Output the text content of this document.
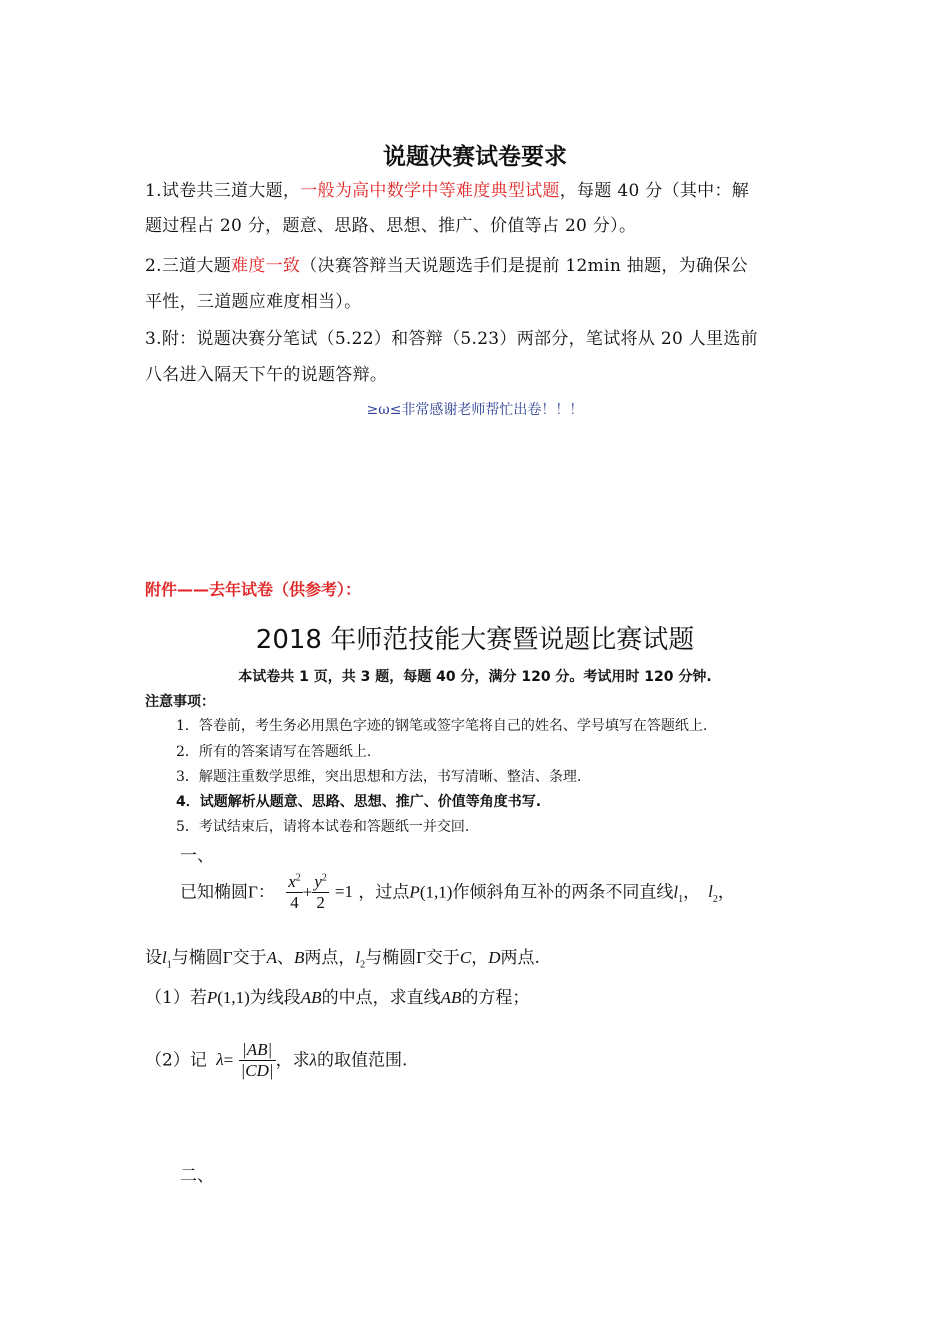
说题决赛试卷要求
1.试卷共三道大题，一般为高中数学中等难度典型试题，每题 40 分（其中：解
题过程占 20 分，题意、思路、思想、推广、价值等占 20 分）。
2.三道大题难度一致（决赛答辩当天说题选手们是提前 12min 抽题，为确保公
平性，三道题应难度相当）。
3.附：说题决赛分笔试（5.22）和答辩（5.23）两部分，笔试将从 20 人里选前
八名进入隔天下午的说题答辩。
≥ω≤非常感谢老师帮忙出卷！！！
附件——去年试卷（供参考）：
2018 年师范技能大赛暨说题比赛试题
本试卷共 1 页，共 3 题，每题 40 分，满分 120 分。考试用时 120 分钟.
注意事项：
1．答卷前，考生务必用黑色字迹的钢笔或签字笔将自己的姓名、学号填写在答题纸上.
2．所有的答案请写在答题纸上.
3．解题注重数学思维，突出思想和方法，书写清晰、整洁、条理.
4．试题解析从题意、思路、思想、推广、价值等角度书写.
5．考试结束后，请将本试卷和答题纸一并交回.
一、
已知椭圆Γ： $\frac{x^2}{4} + \frac{y^2}{2} =1$ ，过点P(1,1)作倾斜角互补的两条不同直线$l_1$， $l_2$，
设$l_1$与椭圆Γ交于A、B两点，$l_2$与椭圆Γ交于C，D两点.
（1）若P(1,1)为线段AB的中点，求直线AB的方程；
（2）记 $\lambda= \frac{|AB|}{|CD|}$ ，求λ的取值范围.
二、
